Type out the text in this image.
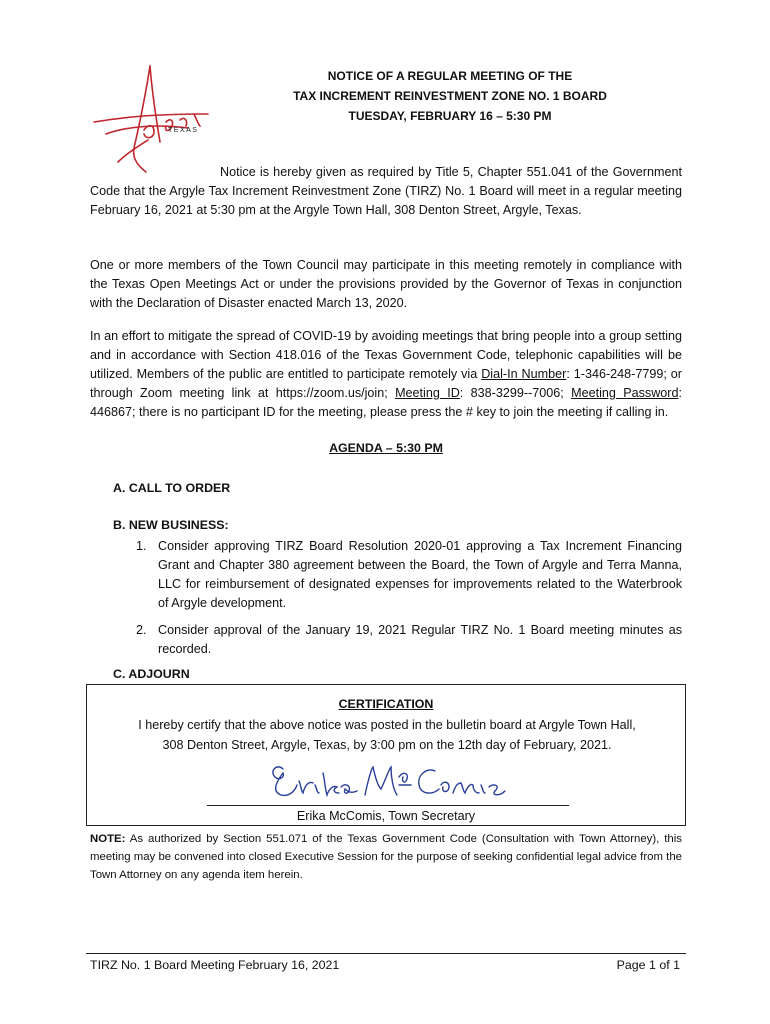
TEXAS
NOTICE OF A REGULAR MEETING OF THE
TAX INCREMENT REINVESTMENT ZONE NO. 1 BOARD
TUESDAY, FEBRUARY 16 – 5:30 PM

Notice is hereby given as required by Title 5, Chapter 551.041 of the Government Code that the Argyle Tax Increment Reinvestment Zone (TIRZ) No. 1 Board will meet in a regular meeting February 16, 2021 at 5:30 pm at the Argyle Town Hall, 308 Denton Street, Argyle, Texas.

One or more members of the Town Council may participate in this meeting remotely in compliance with the Texas Open Meetings Act or under the provisions provided by the Governor of Texas in conjunction with the Declaration of Disaster enacted March 13, 2020.

In an effort to mitigate the spread of COVID-19 by avoiding meetings that bring people into a group setting and in accordance with Section 418.016 of the Texas Government Code, telephonic capabilities will be utilized. Members of the public are entitled to participate remotely via Dial-In Number: 1-346-248-7799; or through Zoom meeting link at https://zoom.us/join; Meeting ID: 838-3299--7006; Meeting Password: 446867; there is no participant ID for the meeting, please press the # key to join the meeting if calling in.

AGENDA – 5:30 PM
A. CALL TO ORDER
B. NEW BUSINESS:
1. Consider approving TIRZ Board Resolution 2020-01 approving a Tax Increment Financing Grant and Chapter 380 agreement between the Board, the Town of Argyle and Terra Manna, LLC for reimbursement of designated expenses for improvements related to the Waterbrook of Argyle development.
2. Consider approval of the January 19, 2021 Regular TIRZ No. 1 Board meeting minutes as recorded.
C. ADJOURN
CERTIFICATION
I hereby certify that the above notice was posted in the bulletin board at Argyle Town Hall,
308 Denton Street, Argyle, Texas, by 3:00 pm on the 12th day of February, 2021.
Erika McComis, Town Secretary

NOTE: As authorized by Section 551.071 of the Texas Government Code (Consultation with Town Attorney), this meeting may be convened into closed Executive Session for the purpose of seeking confidential legal advice from the Town Attorney on any agenda item herein.

TIRZ No. 1 Board Meeting February 16, 2021	Page 1 of 1
